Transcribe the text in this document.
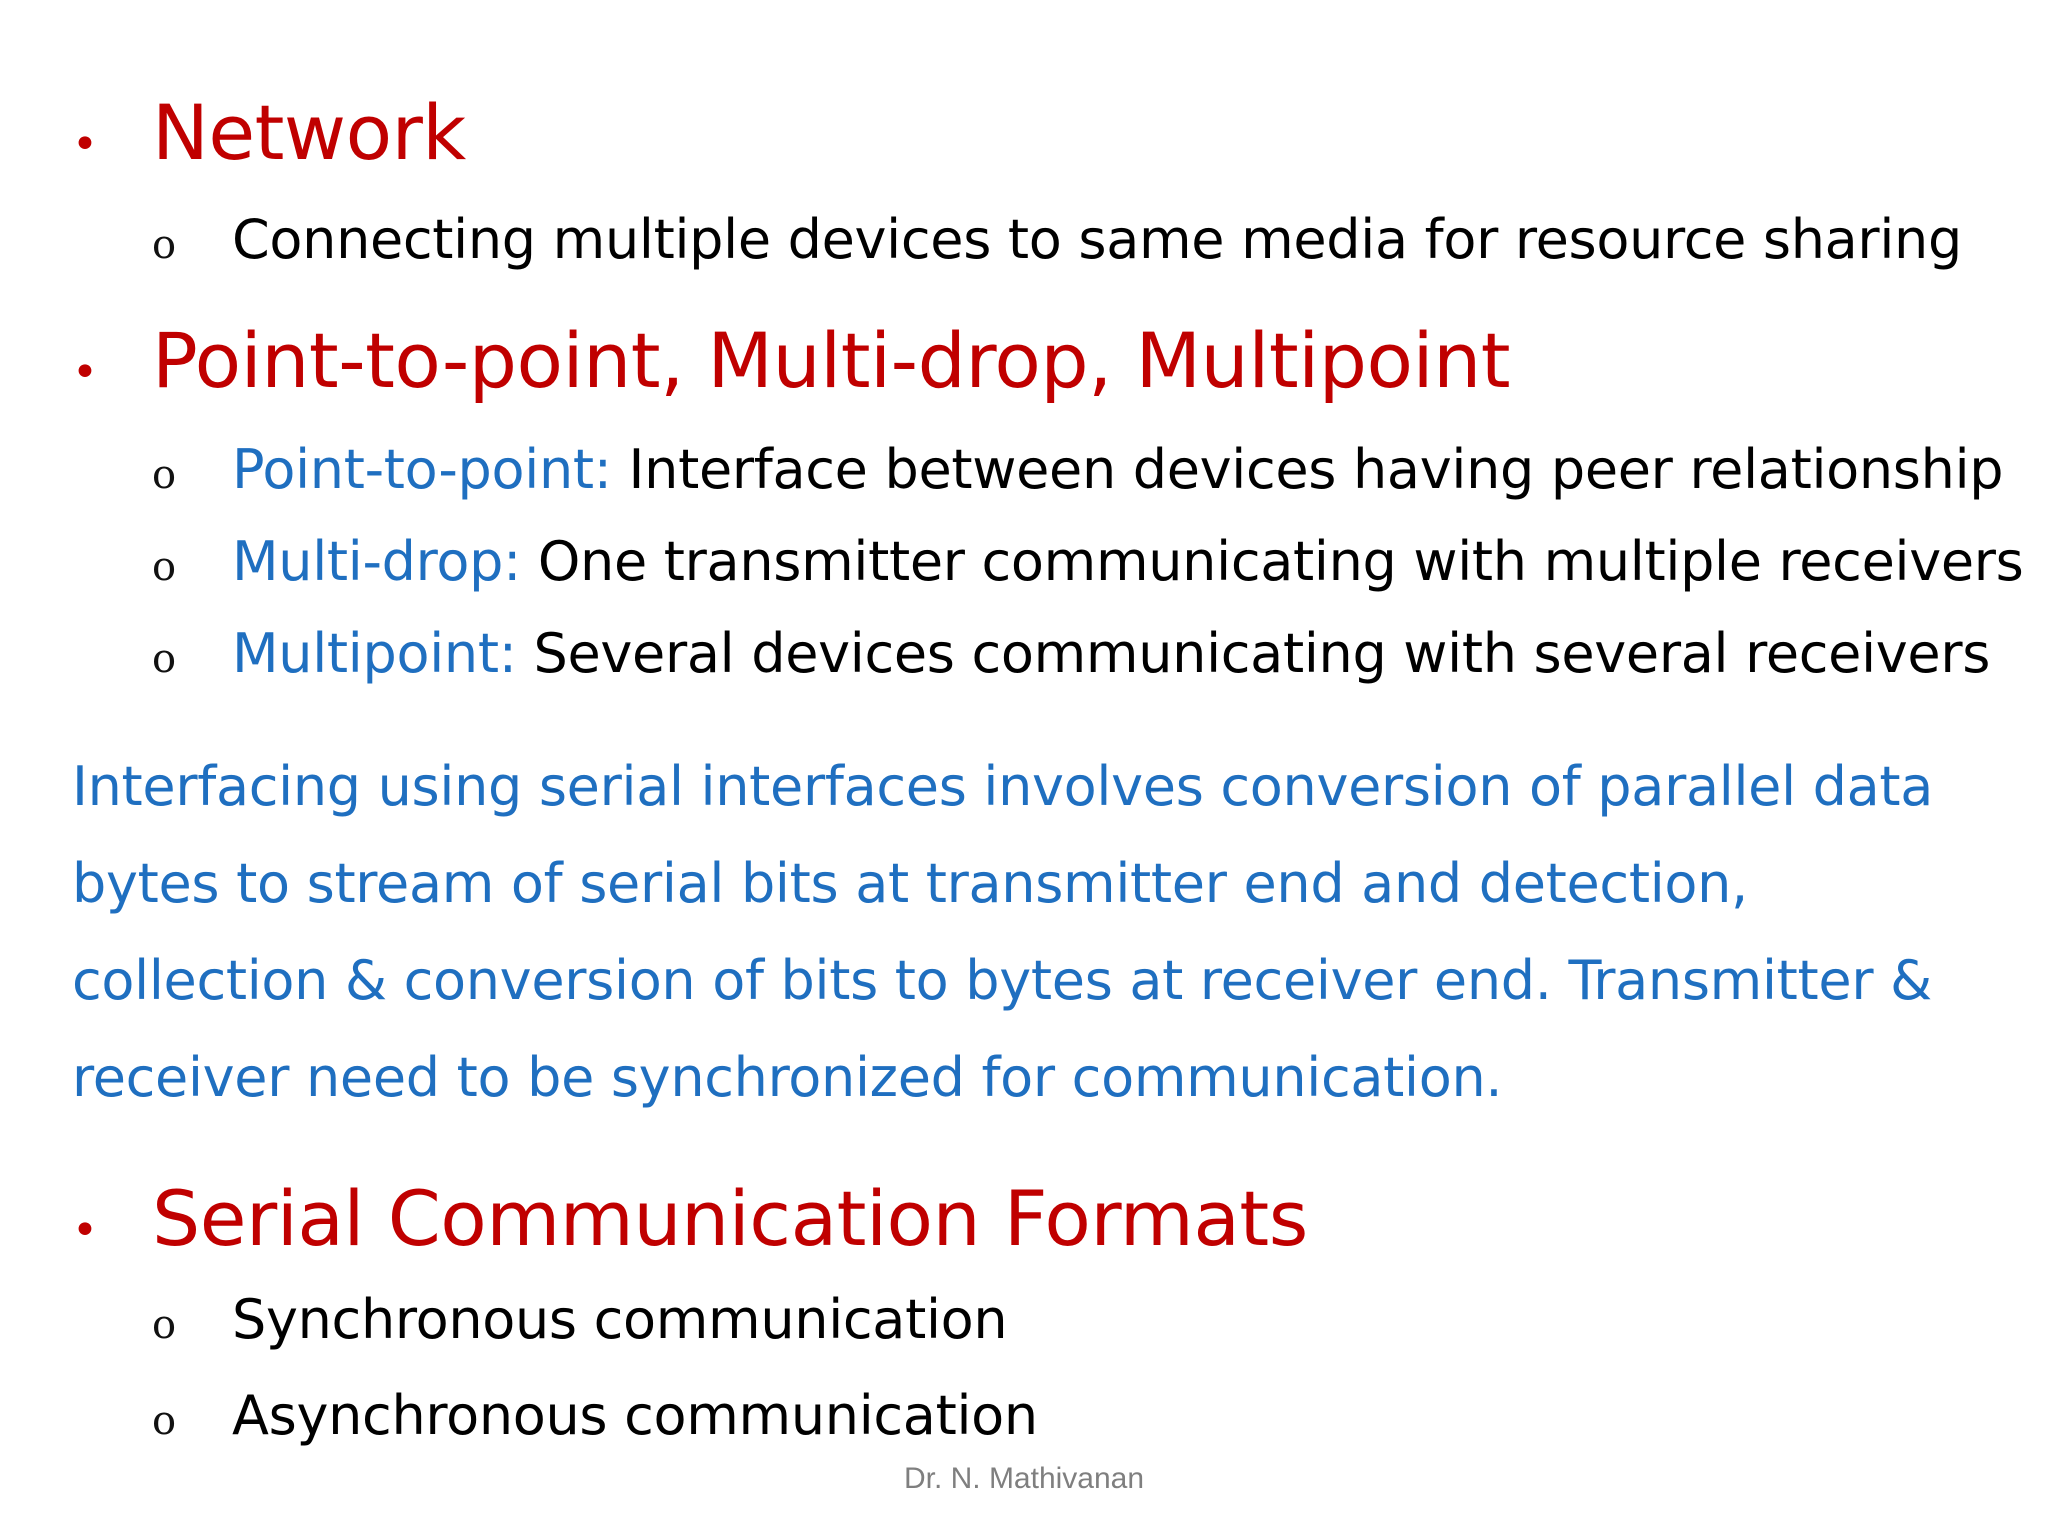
• Network
o	Connecting multiple devices to same media for resource sharing
• Point-to-point, Multi-drop, Multipoint
o	Point-to-point: Interface between devices having peer relationship
o	Multi-drop: One transmitter communicating with multiple receivers
o	Multipoint: Several devices communicating with several receivers
Interfacing using serial interfaces involves conversion of parallel data
bytes to stream of serial bits at transmitter end and detection,
collection & conversion of bits to bytes at receiver end. Transmitter &
receiver need to be synchronized for communication.
• Serial Communication Formats
o	Synchronous communication
o	Asynchronous communication
Dr. N. Mathivanan
